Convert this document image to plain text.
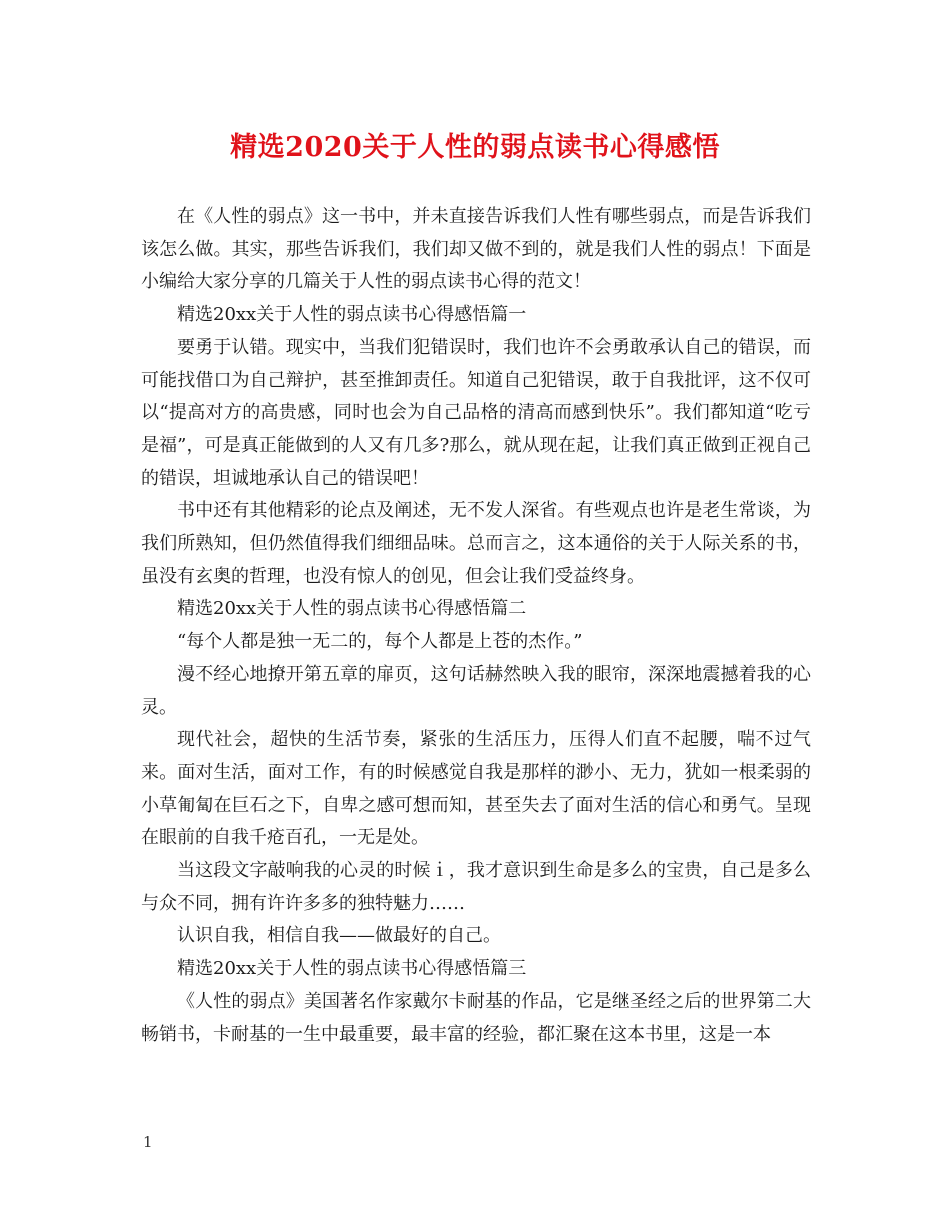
精选2020关于人性的弱点读书心得感悟

在《人性的弱点》这一书中，并未直接告诉我们人性有哪些弱点，而是告诉我们该怎么做。其实，那些告诉我们，我们却又做不到的，就是我们人性的弱点！下面是小编给大家分享的几篇关于人性的弱点读书心得的范文！

精选20xx关于人性的弱点读书心得感悟篇一

要勇于认错。现实中，当我们犯错误时，我们也许不会勇敢承认自己的错误，而可能找借口为自己辩护，甚至推卸责任。知道自己犯错误，敢于自我批评，这不仅可以“提高对方的高贵感，同时也会为自己品格的清高而感到快乐”。我们都知道“吃亏是福”，可是真正能做到的人又有几多?那么，就从现在起，让我们真正做到正视自己的错误，坦诚地承认自己的错误吧！

书中还有其他精彩的论点及阐述，无不发人深省。有些观点也许是老生常谈，为我们所熟知，但仍然值得我们细细品味。总而言之，这本通俗的关于人际关系的书，虽没有玄奥的哲理，也没有惊人的创见，但会让我们受益终身。

精选20xx关于人性的弱点读书心得感悟篇二

“每个人都是独一无二的，每个人都是上苍的杰作。”

漫不经心地撩开第五章的扉页，这句话赫然映入我的眼帘，深深地震撼着我的心灵。

现代社会，超快的生活节奏，紧张的生活压力，压得人们直不起腰，喘不过气来。面对生活，面对工作，有的时候感觉自我是那样的渺小、无力，犹如一根柔弱的小草匍匐在巨石之下，自卑之感可想而知，甚至失去了面对生活的信心和勇气。呈现在眼前的自我千疮百孔，一无是处。

当这段文字敲响我的心灵的时候ｉ，我才意识到生命是多么的宝贵，自己是多么与众不同，拥有许许多多的独特魅力……

认识自我，相信自我——做最好的自己。

精选20xx关于人性的弱点读书心得感悟篇三

《人性的弱点》美国著名作家戴尔卡耐基的作品，它是继圣经之后的世界第二大畅销书，卡耐基的一生中最重要，最丰富的经验，都汇聚在这本书里，这是一本

1
